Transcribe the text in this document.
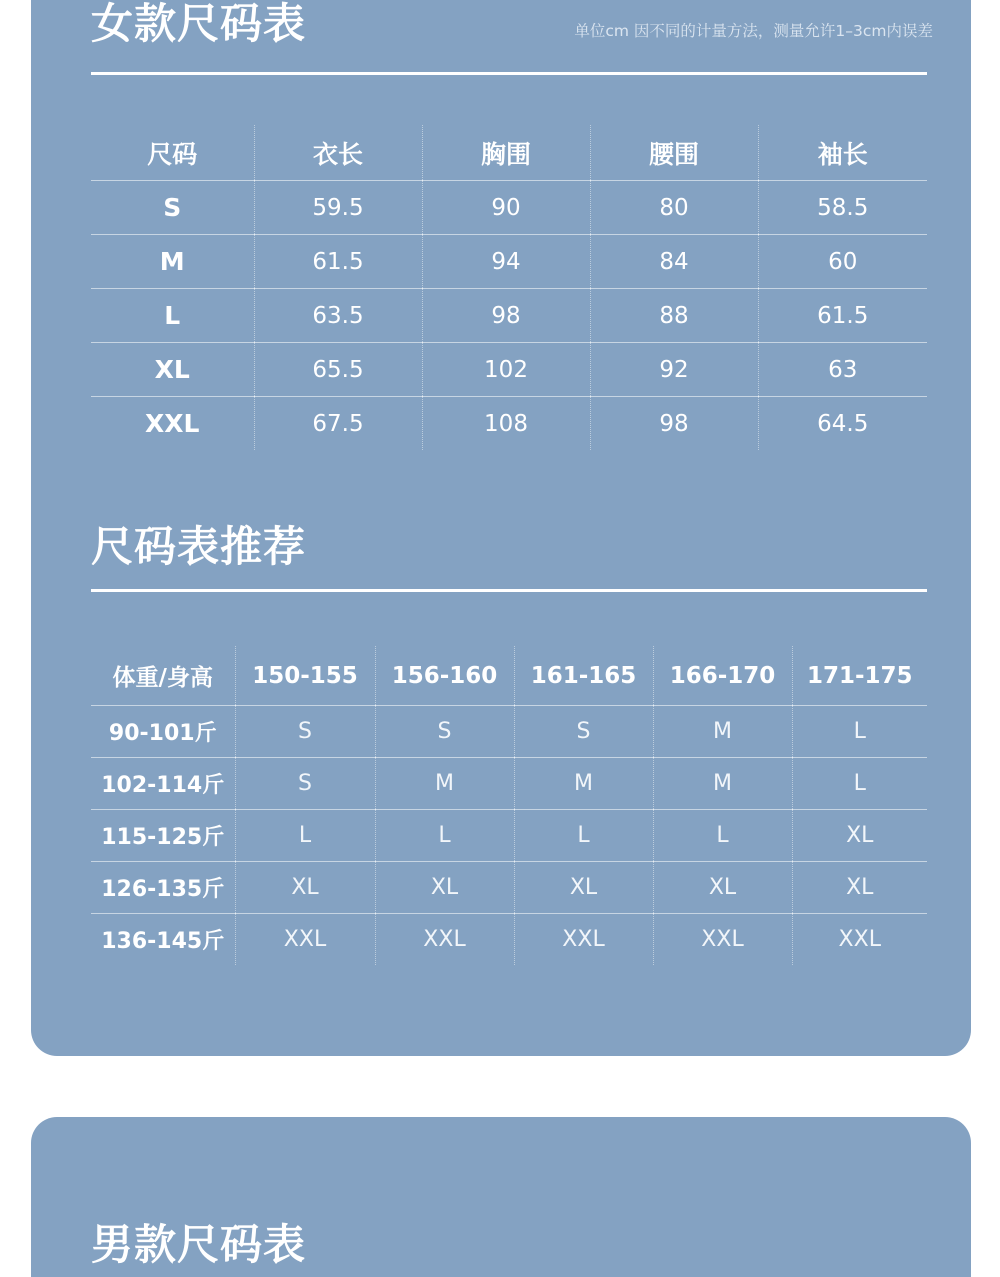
女款尺码表	单位cm 因不同的计量方法，测量允许1–3cm内误差
尺码	衣长	胸围	腰围	袖长
S	59.5	90	80	58.5
M	61.5	94	84	60
L	63.5	98	88	61.5
XL	65.5	102	92	63
XXL	67.5	108	98	64.5
尺码表推荐
体重/身高	150-155	156-160	161-165	166-170	171-175
90-101斤	S	S	S	M	L
102-114斤	S	M	M	M	L
115-125斤	L	L	L	L	XL
126-135斤	XL	XL	XL	XL	XL
136-145斤	XXL	XXL	XXL	XXL	XXL
男款尺码表
